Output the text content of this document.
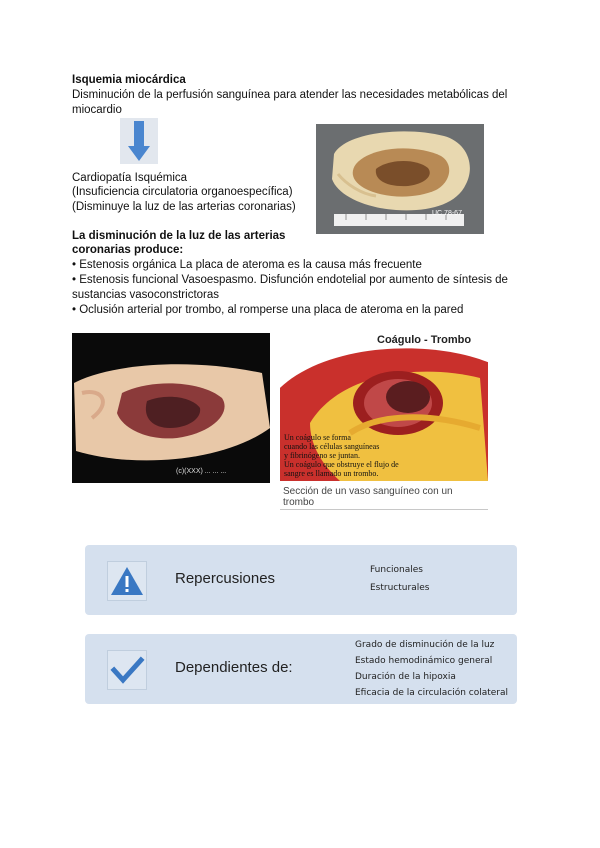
Isquemia miocárdica
Disminución de la perfusión sanguínea para atender las necesidades metabólicas del
miocardio
Cardiopatía Isquémica
(Insuficiencia circulatoria organoespecífica)
(Disminuye la luz de las arterias coronarias)
UC 78-67
La disminución de la luz de las arterias
coronarias produce:
• Estenosis orgánica La placa de ateroma es la causa más frecuente
• Estenosis funcional Vasoespasmo. Disfunción endotelial por aumento de síntesis de
sustancias vasoconstrictoras
• Oclusión arterial por trombo, al romperse una placa de ateroma en la pared
(c)(XXX) ... ... ...
Coágulo - Trombo
Un coágulo se forma
cuando las células sanguíneas
y fibrinógeno se juntan.
Un coágulo que obstruye el flujo de
sangre es llamado un trombo.
Sección de un vaso sanguíneo con un
trombo
Repercusiones	Funcionales
Estructurales
Dependientes de:
Grado de disminución de la luz
Estado hemodinámico general
Duración de la hipoxia
Eficacia de la circulación colateral
